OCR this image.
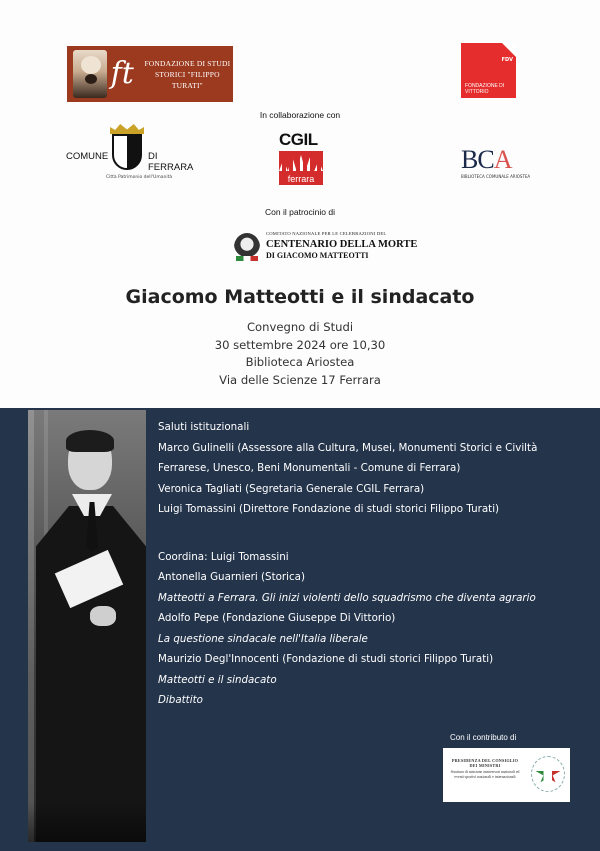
ft	FONDAZIONE DI STUDI
STORICI "FILIPPO TURATI"
FDV
FONDAZIONE DI VITTORIO
In collaborazione con
COMUNE	DI FERRARA
Città Patrimonio dell'Umanità
CGIL
ferrara
BCA
BIBLIOTECA COMUNALE ARIOSTEA
Con il patrocinio di
COMITATO NAZIONALE PER LE CELEBRAZIONI DEL
CENTENARIO DELLA MORTE
DI GIACOMO MATTEOTTI
Giacomo Matteotti e il sindacato
Convegno di Studi
30 settembre 2024 ore 10,30
Biblioteca Ariostea
Via delle Scienze 17 Ferrara
Saluti istituzionali
Marco Gulinelli (Assessore alla Cultura, Musei, Monumenti Storici e Civiltà
Ferrarese, Unesco, Beni Monumentali - Comune di Ferrara)
Veronica Tagliati (Segretaria Generale CGIL Ferrara)
Luigi Tomassini (Direttore Fondazione di studi storici Filippo Turati)
Coordina: Luigi Tomassini
Antonella Guarnieri (Storica)
Matteotti a Ferrara. Gli inizi violenti dello squadrismo che diventa agrario
Adolfo Pepe (Fondazione Giuseppe Di Vittorio)
La questione sindacale nell'Italia liberale
Maurizio Degl'Innocenti (Fondazione di studi storici Filippo Turati)
Matteotti e il sindacato
Dibattito
Con il contributo di
PRESIDENZA DEL CONSIGLIO
DEI MINISTRI
Struttura di missione anniversari nazionali ed eventi sportivi nazionali e internazionali
